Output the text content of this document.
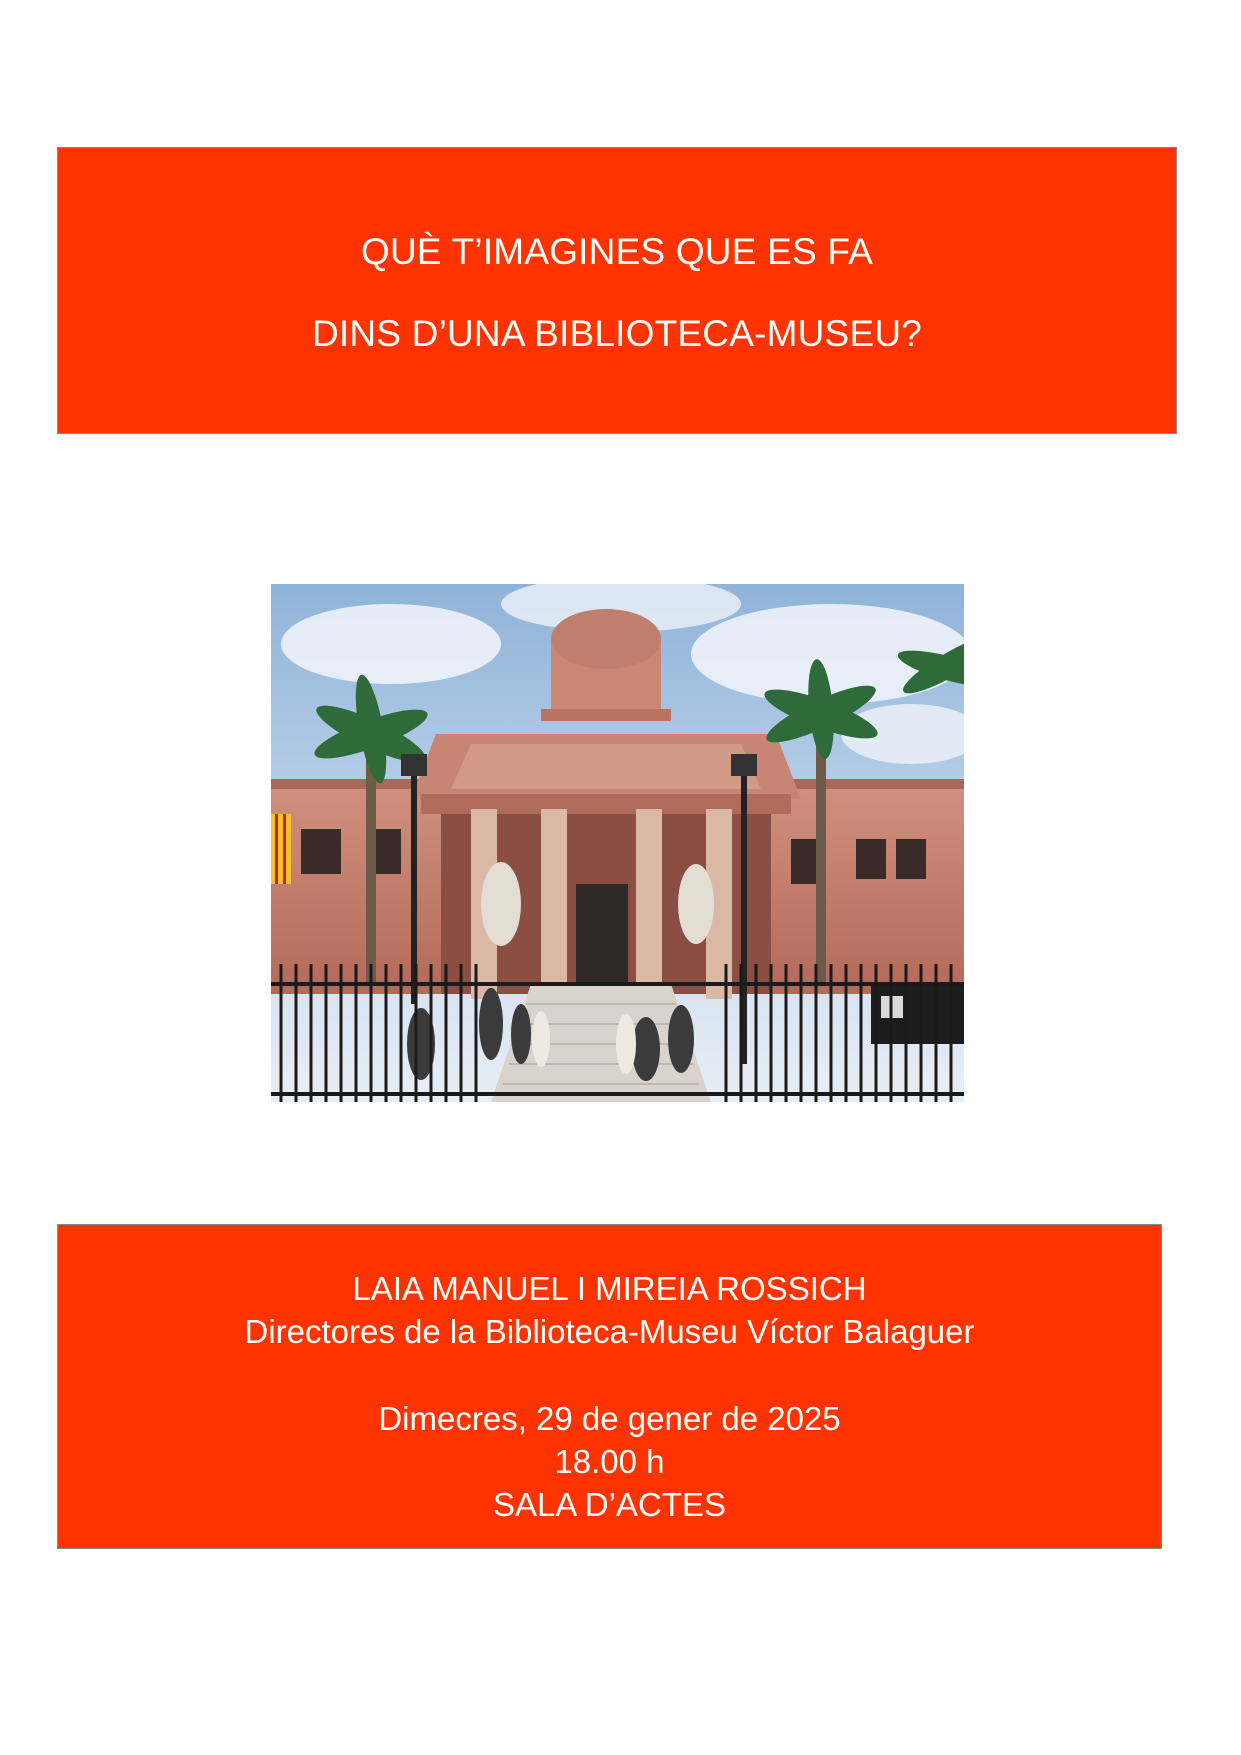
QUÈ T’IMAGINES QUE ES FA
DINS D’UNA BIBLIOTECA-MUSEU?
LAIA MANUEL I MIREIA ROSSICH
Directores de la Biblioteca-Museu Víctor Balaguer
Dimecres, 29 de gener de 2025
18.00 h
SALA D’ACTES
